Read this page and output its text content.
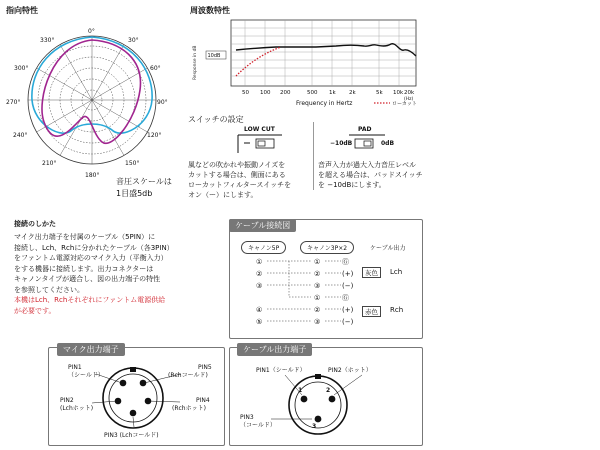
指向特性
0°
30°
60°
90°
120°
150°
180°
210°
240°
270°
300°
330°
音圧スケールは
1目盛5db
周波数特性
Response in dB 10dB
50 100 200	500 1k 2k	5k 10k 20k
(Hz)
Frequency in Hertz	ローカット
スイッチの設定
LOW CUT
風などの吹かれや振動ノイズを
カットする場合は、側面にある
ローカットフィルタースイッチを
オン（ー）にします。
PAD
−10dB	0dB
音声入力が過大入力音圧レベル
を超える場合は、パッドスイッチ
を −10dBにします。
接続のしかた
マイク出力端子を付属のケーブル（5PIN）に
接続し、Lch、Rchに分かれたケーブル（各3PIN）
をファントム電源対応のマイク入力（平衡入力）
をする機器に接続します。出力コネクターは
キャノンタイプが適合し、図の出力端子の特性
を参照してください。
本機はLch、Rchそれぞれにファントム電源供給
が必要です。
ケーブル接続図
キャノン5P	キャノン3P×2	ケーブル出力
①
②
③
④
⑤
①
②
③
①
②
③
Ⓖ
(+)
(−)
Ⓖ
(+)
(−)
灰色	Lch
赤色	Rch
マイク出力端子
PIN1
（シールド）
PIN5
(Rchコールド)
PIN2
(Lchホット)
PIN4
(Rchホット)
PIN3 (Lchコールド)
ケーブル出力端子
1	2
3
PIN1（シールド）	PIN2（ホット）
PIN3
（コールド）
